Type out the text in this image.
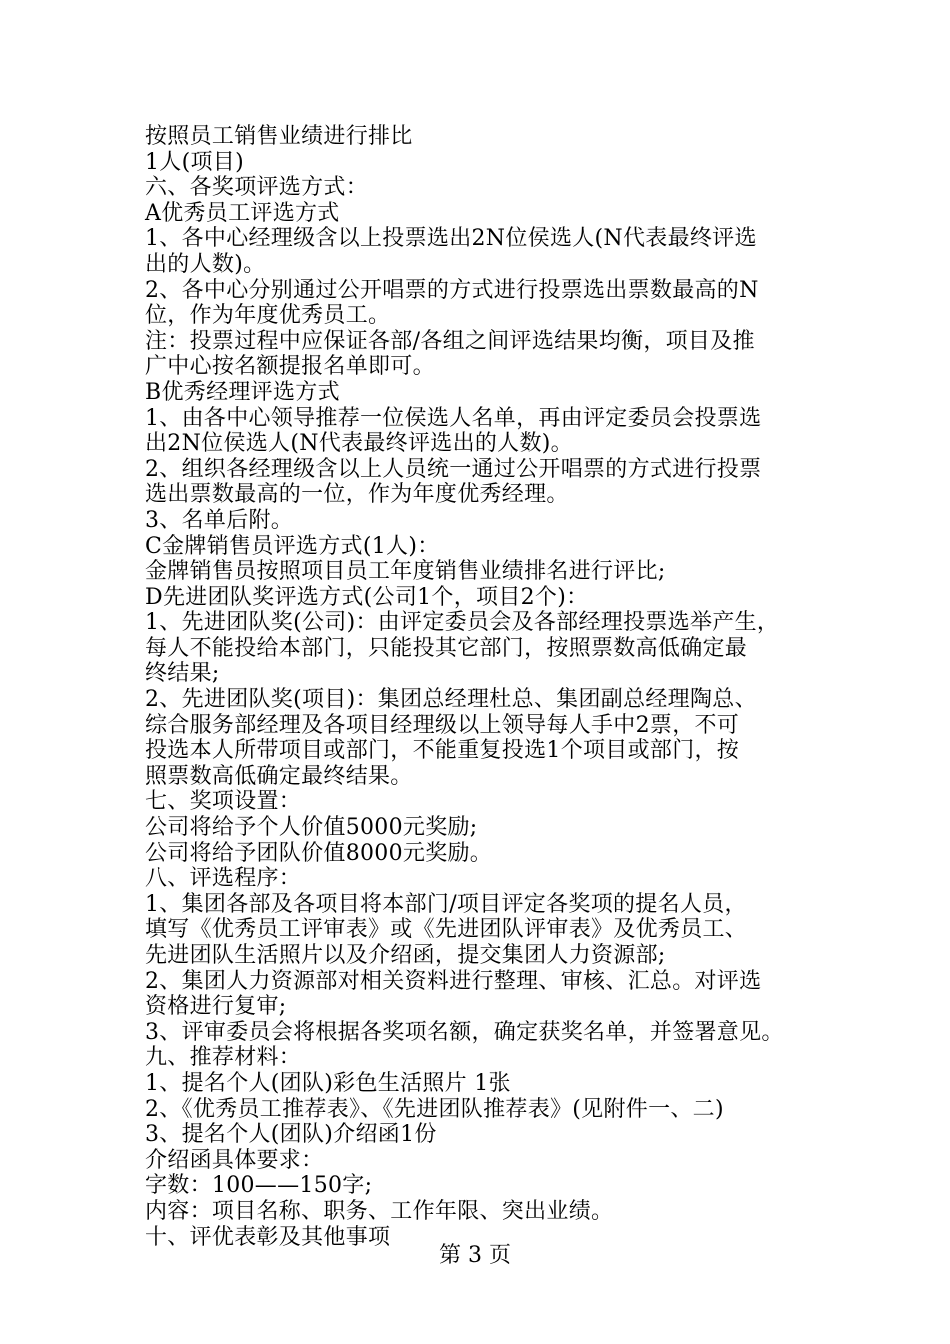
按照员工销售业绩进行排比
1人(项目)
六、各奖项评选方式：
A优秀员工评选方式
1、各中心经理级含以上投票选出2N位侯选人(N代表最终评选
出的人数)。
2、各中心分别通过公开唱票的方式进行投票选出票数最高的N
位，作为年度优秀员工。
注：投票过程中应保证各部/各组之间评选结果均衡，项目及推
广中心按名额提报名单即可。
B优秀经理评选方式
1、由各中心领导推荐一位侯选人名单，再由评定委员会投票选
出2N位侯选人(N代表最终评选出的人数)。
2、组织各经理级含以上人员统一通过公开唱票的方式进行投票
选出票数最高的一位，作为年度优秀经理。
3、名单后附。
C金牌销售员评选方式(1人)：
金牌销售员按照项目员工年度销售业绩排名进行评比;
D先进团队奖评选方式(公司1个，项目2个)：
1、先进团队奖(公司)：由评定委员会及各部经理投票选举产生，
每人不能投给本部门，只能投其它部门，按照票数高低确定最
终结果;
2、先进团队奖(项目)：集团总经理杜总、集团副总经理陶总、
综合服务部经理及各项目经理级以上领导每人手中2票，不可
投选本人所带项目或部门，不能重复投选1个项目或部门，按
照票数高低确定最终结果。
七、奖项设置：
公司将给予个人价值5000元奖励;
公司将给予团队价值8000元奖励。
八、评选程序：
1、集团各部及各项目将本部门/项目评定各奖项的提名人员，
填写《优秀员工评审表》或《先进团队评审表》及优秀员工、
先进团队生活照片以及介绍函，提交集团人力资源部;
2、集团人力资源部对相关资料进行整理、审核、汇总。对评选
资格进行复审;
3、评审委员会将根据各奖项名额，确定获奖名单，并签署意见。
九、推荐材料：
1、提名个人(团队)彩色生活照片 1张
2、《优秀员工推荐表》、《先进团队推荐表》(见附件一、二)
3、提名个人(团队)介绍函1份
介绍函具体要求：
字数：100——150字;
内容：项目名称、职务、工作年限、突出业绩。
十、评优表彰及其他事项
第 3 页
